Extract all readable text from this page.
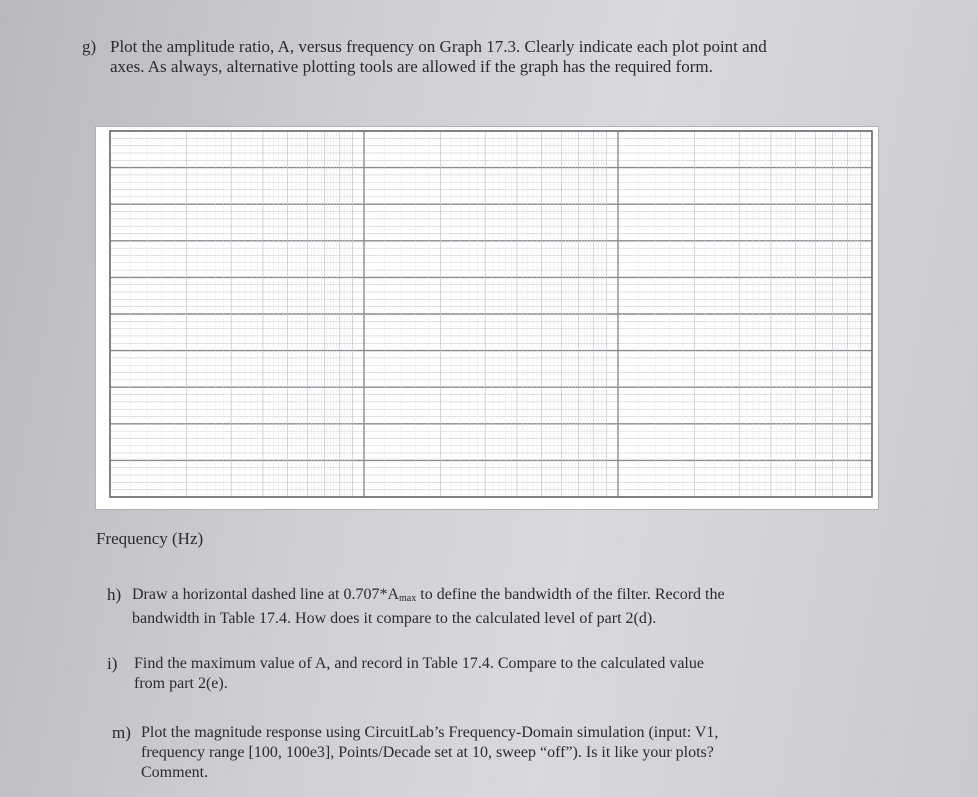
g) Plot the amplitude ratio, A, versus frequency on Graph 17.3. Clearly indicate each plot point and
axes. As always, alternative plotting tools are allowed if the graph has the required form.
Frequency (Hz)
h) Draw a horizontal dashed line at $0.707*A_{max}$ to define the bandwidth of the filter. Record the
bandwidth in Table 17.4. How does it compare to the calculated level of part 2(d).
i) Find the maximum value of A, and record in Table 17.4. Compare to the calculated value
from part 2(e).
m) Plot the magnitude response using CircuitLab’s Frequency-Domain simulation (input: V1,
frequency range [100, 100e3], Points/Decade set at 10, sweep “off”). Is it like your plots?
Comment.
